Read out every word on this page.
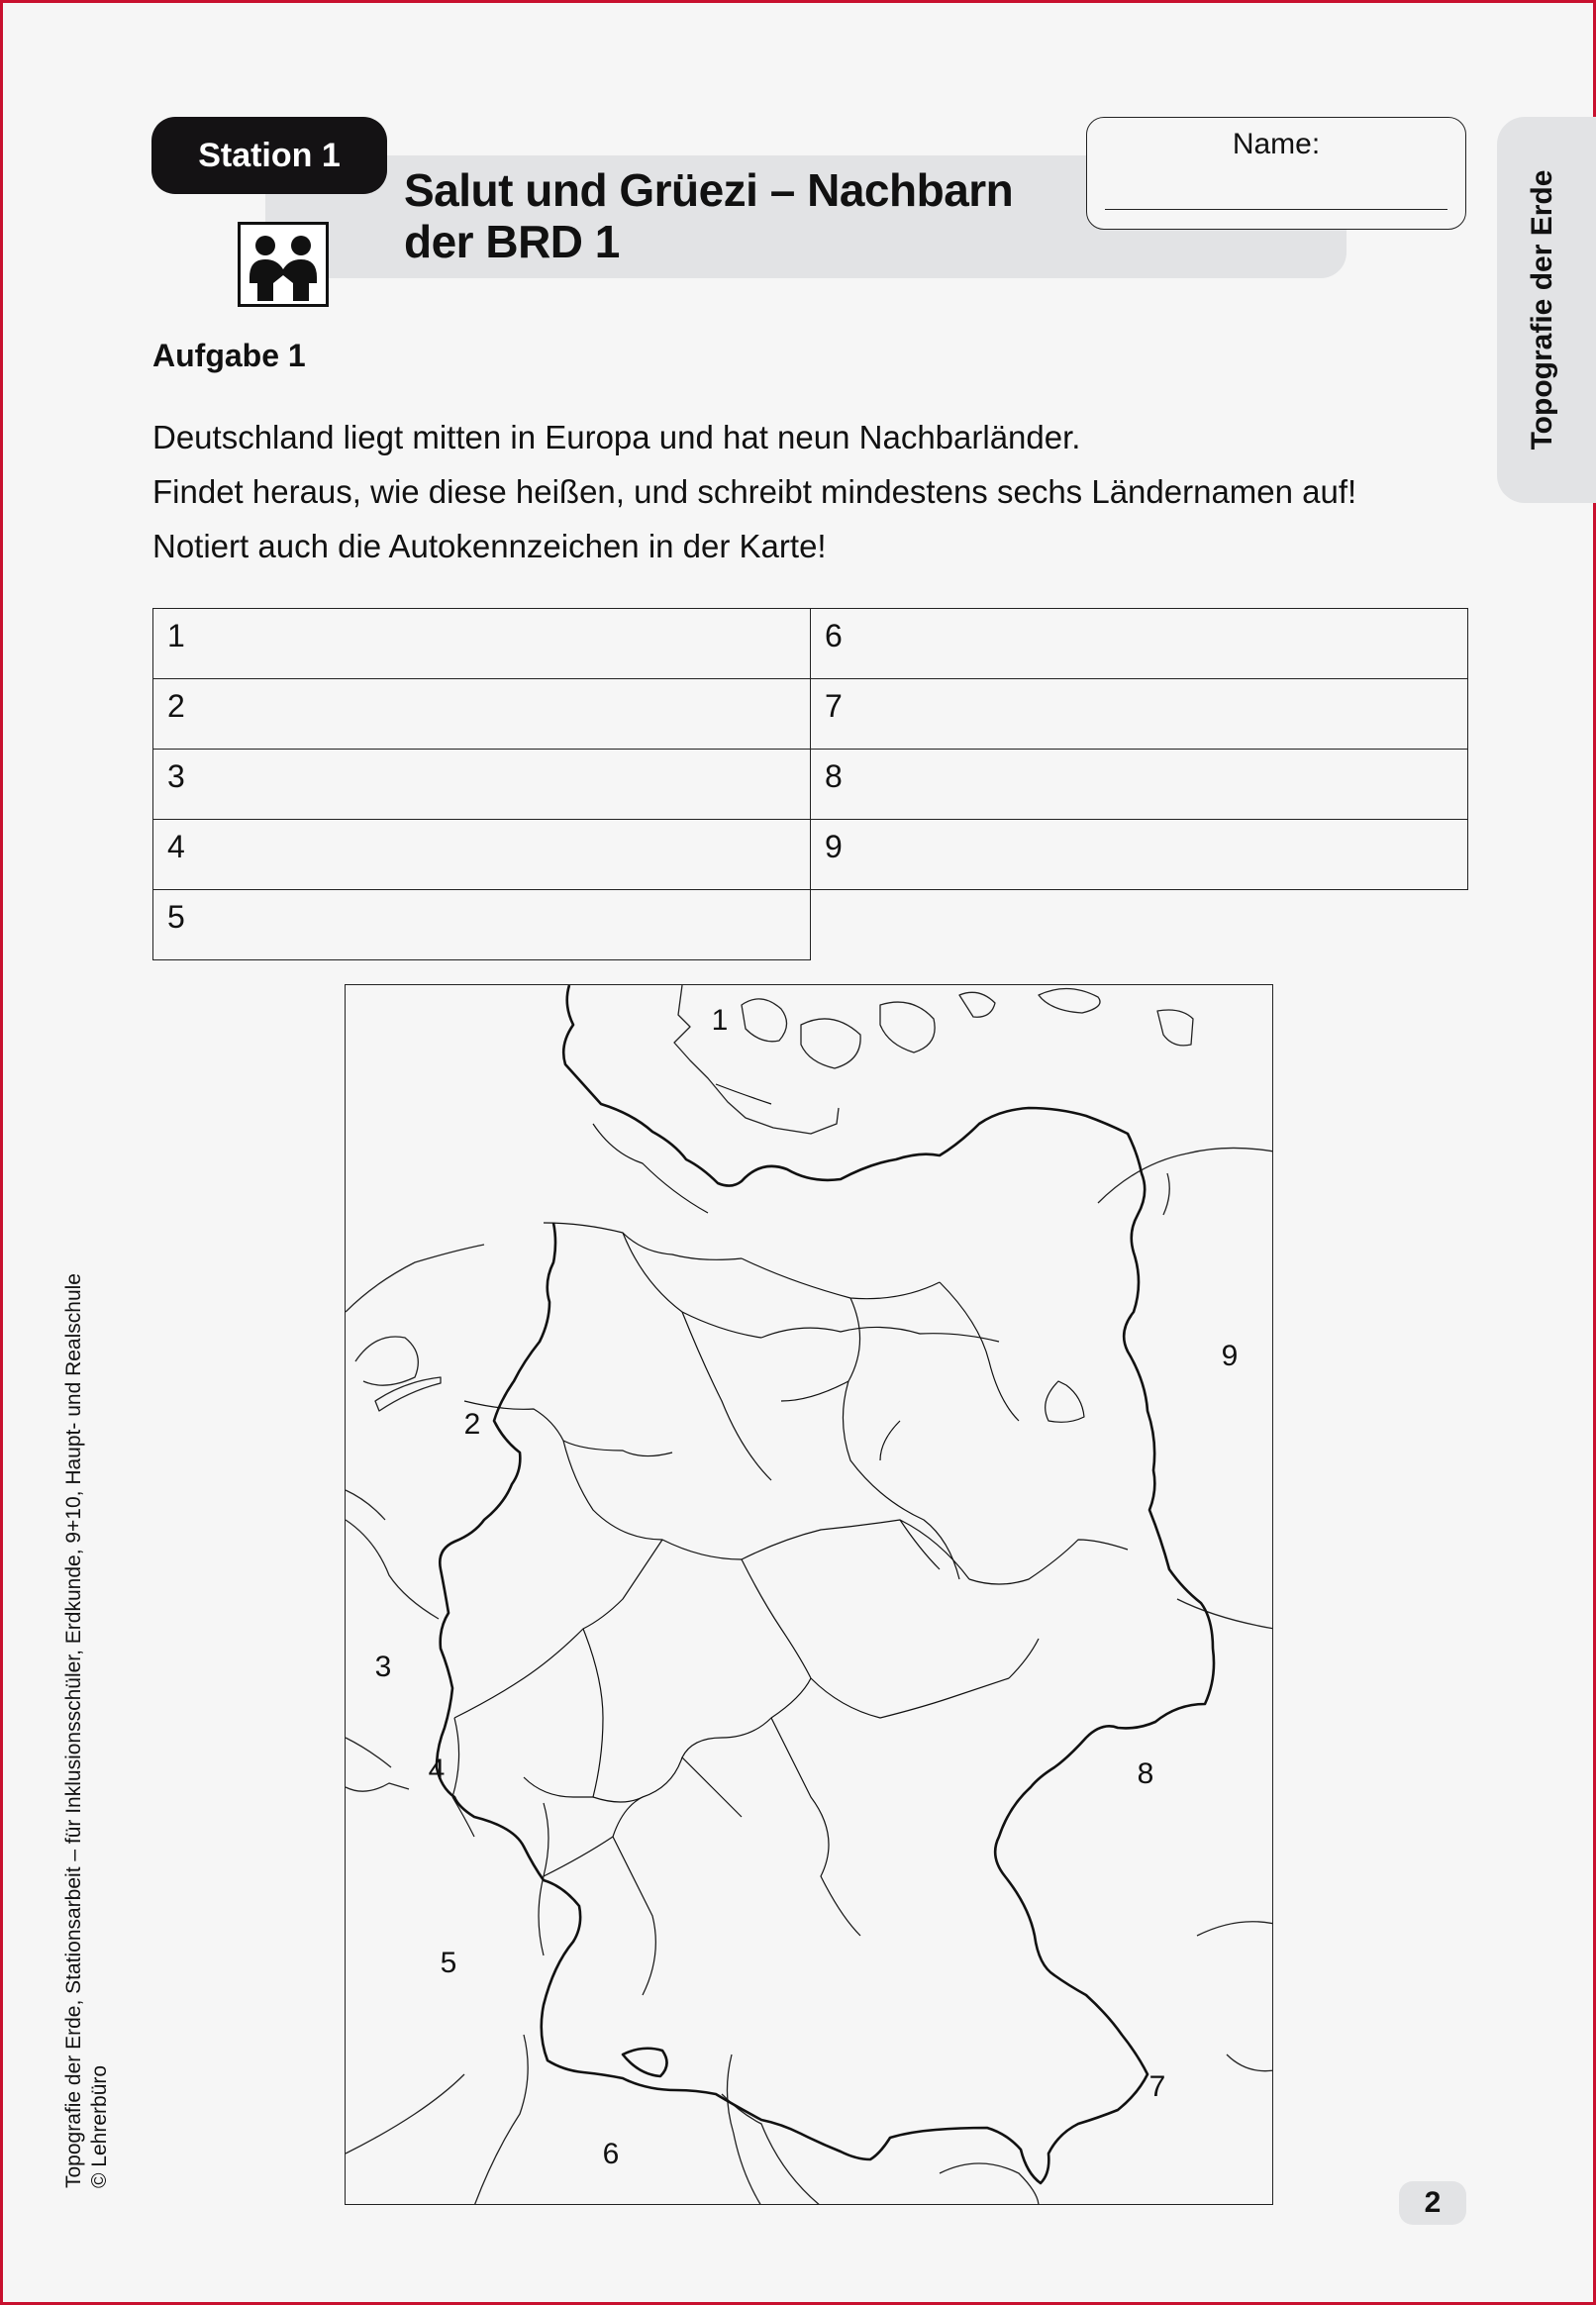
Station 1
Salut und Grüezi – Nachbarn
der BRD 1
Name:
Topografie der Erde
Aufgabe 1
Deutschland liegt mitten in Europa und hat neun Nachbarländer.
Findet heraus, wie diese heißen, und schreibt mindestens sechs Ländernamen auf!
Notiert auch die Autokennzeichen in der Karte!
1	6
2	7
3	8
4	9
5	
1
2
3
4
5
6
7
8
9
Topografie der Erde, Stationsarbeit – für Inklusionsschüler, Erdkunde, 9+10, Haupt- und Realschule © Lehrerbüro
2
